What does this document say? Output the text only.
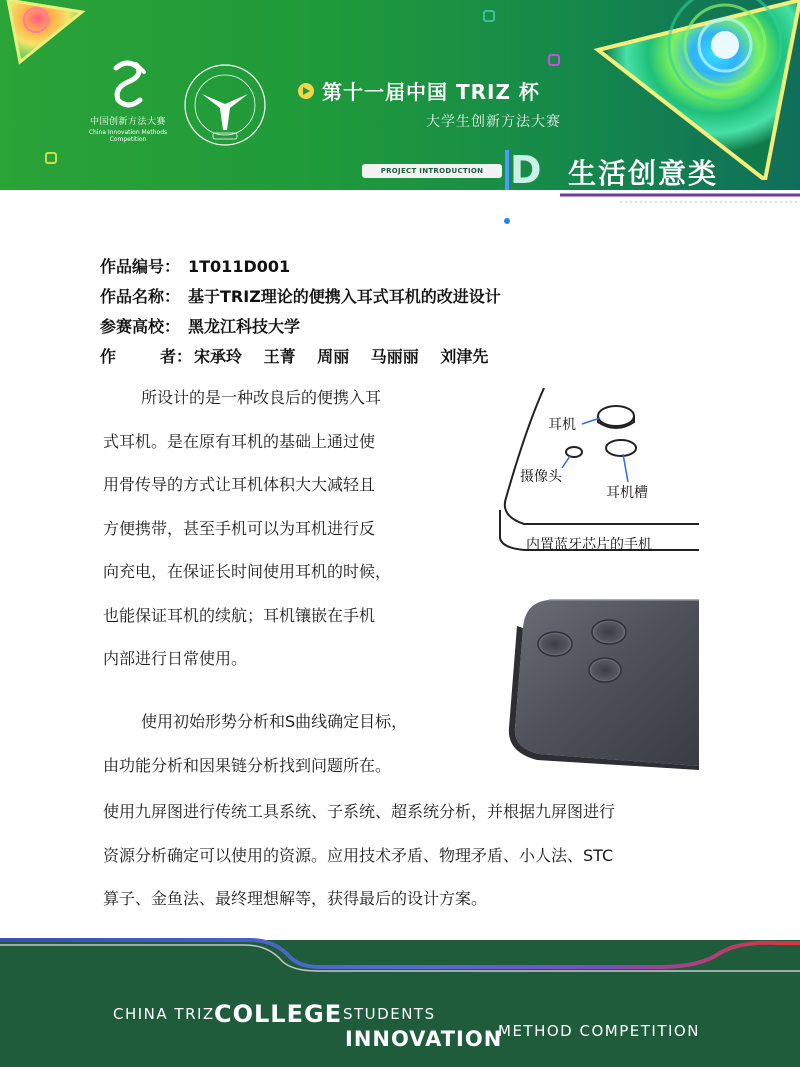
中国创新方法大赛
China Innovation Methods Competition
第十一届中国 TRIZ 杯
大学生创新方法大赛
PROJECT INTRODUCTION D 生活创意类
作品编号： 1T011D001
作品名称： 基于TRIZ理论的便携入耳式耳机的改进设计
参赛高校： 黑龙江科技大学
作	者： 宋承玲 王菁 周丽 马丽丽 刘津先
所设计的是一种改良后的便携入耳
式耳机。是在原有耳机的基础上通过使
用骨传导的方式让耳机体积大大减轻且
方便携带，甚至手机可以为耳机进行反
向充电，在保证长时间使用耳机的时候，
也能保证耳机的续航；耳机镶嵌在手机
内部进行日常使用。
使用初始形势分析和S曲线确定目标，
由功能分析和因果链分析找到问题所在。
使用九屏图进行传统工具系统、子系统、超系统分析，并根据九屏图进行
资源分析确定可以使用的资源。应用技术矛盾、物理矛盾、小人法、STC
算子、金鱼法、最终理想解等，获得最后的设计方案。
耳机
摄像头
耳机槽
内置蓝牙芯片的手机
CHINA TRIZ COLLEGE STUDENTS
INNOVATION
METHOD COMPETITION
